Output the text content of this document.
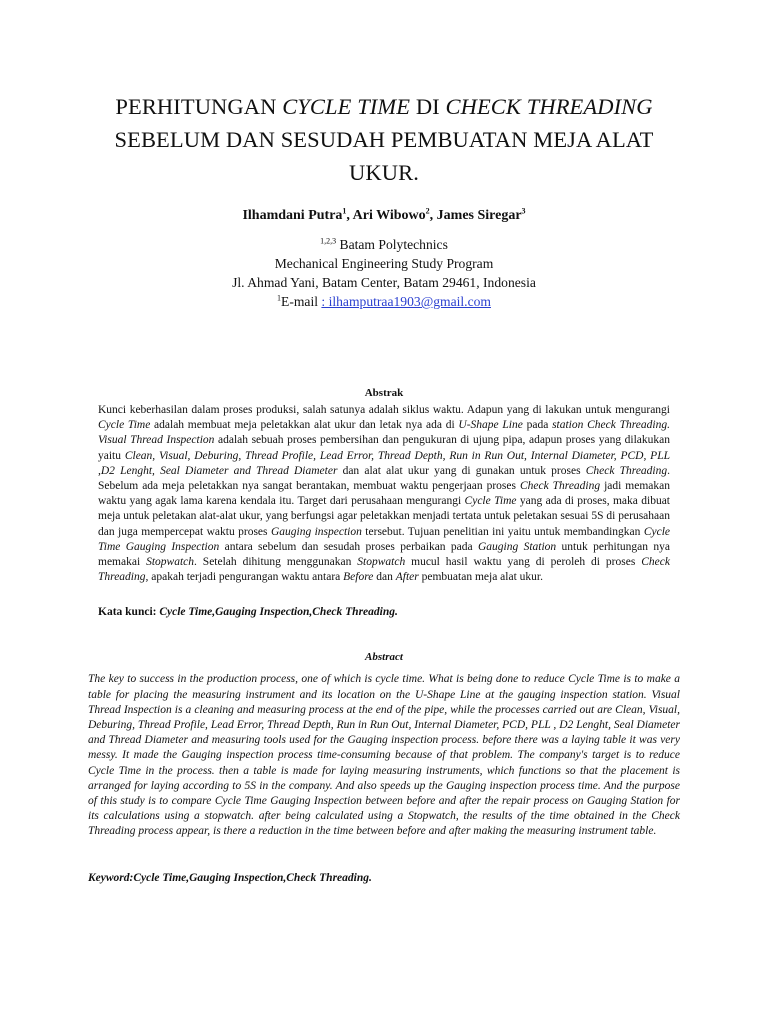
PERHITUNGAN CYCLE TIME DI CHECK THREADING
SEBELUM DAN SESUDAH PEMBUATAN MEJA ALAT UKUR.
Ilhamdani Putra$^1$, Ari Wibowo$^2$, James Siregar$^3$
$^{1,2,3}$ Batam Polytechnics
Mechanical Engineering Study Program
Jl. Ahmad Yani, Batam Center, Batam 29461, Indonesia
$^1$E-mail : ilhamputraa1903@gmail.com
Abstrak
Kunci keberhasilan dalam proses produksi, salah satunya adalah siklus waktu. Adapun yang di lakukan untuk mengurangi Cycle Time adalah membuat meja peletakkan alat ukur dan letak nya ada di U-Shape Line pada station Check Threading. Visual Thread Inspection adalah sebuah proses pembersihan dan pengukuran di ujung pipa, adapun proses yang dilakukan yaitu Clean, Visual, Deburing, Thread Profile, Lead Error, Thread Depth, Run in Run Out, Internal Diameter, PCD, PLL ,D2 Lenght, Seal Diameter and Thread Diameter dan alat alat ukur yang di gunakan untuk proses Check Threading. Sebelum ada meja peletakkan nya sangat berantakan, membuat waktu pengerjaan proses Check Threading jadi memakan waktu yang agak lama karena kendala itu. Target dari perusahaan mengurangi Cycle Time yang ada di proses, maka dibuat meja untuk peletakan alat-alat ukur, yang berfungsi agar peletakkan menjadi tertata untuk peletakan sesuai 5S di perusahaan dan juga mempercepat waktu proses Gauging inspection tersebut. Tujuan penelitian ini yaitu untuk membandingkan Cycle Time Gauging Inspection antara sebelum dan sesudah proses perbaikan pada Gauging Station untuk perhitungan nya memakai Stopwatch. Setelah dihitung menggunakan Stopwatch mucul hasil waktu yang di peroleh di proses Check Threading, apakah terjadi pengurangan waktu antara Before dan After pembuatan meja alat ukur.
Kata kunci: Cycle Time,Gauging Inspection,Check Threading.
Abstract
The key to success in the production process, one of which is cycle time. What is being done to reduce Cycle Time is to make a table for placing the measuring instrument and its location on the U-Shape Line at the gauging inspection station. Visual Thread Inspection is a cleaning and measuring process at the end of the pipe, while the processes carried out are Clean, Visual, Deburing, Thread Profile, Lead Error, Thread Depth, Run in Run Out, Internal Diameter, PCD, PLL , D2 Lenght, Seal Diameter and Thread Diameter and measuring tools used for the Gauging inspection process. before there was a laying table it was very messy. It made the Gauging inspection process time-consuming because of that problem. The company's target is to reduce Cycle Time in the process. then a table is made for laying measuring instruments, which functions so that the placement is arranged for laying according to 5S in the company. And also speeds up the Gauging inspection process time. And the purpose of this study is to compare Cycle Time Gauging Inspection between before and after the repair process on Gauging Station for its calculations using a stopwatch. after being calculated using a Stopwatch, the results of the time obtained in the Check Threading process appear, is there a reduction in the time between before and after making the measuring instrument table.
Keyword:Cycle Time,Gauging Inspection,Check Threading.
